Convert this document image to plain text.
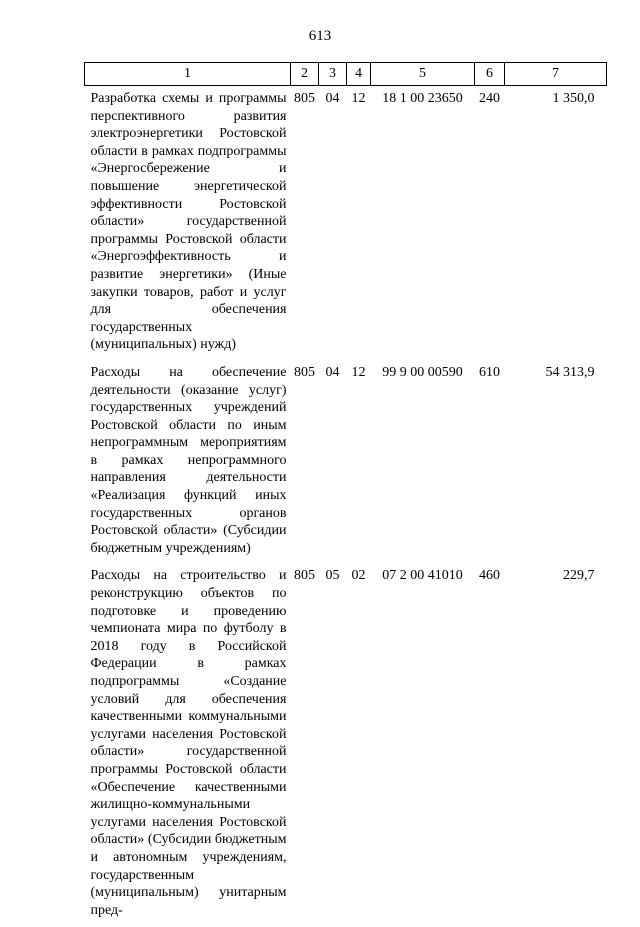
613
1	2	3	4	5	6	7
Разработка схемы и программы перспективного развития электроэнергетики Ростовской области в рамках подпрограммы «Энергосбережение и повышение энергетической эффективности Ростовской области» государственной программы Ростовской области «Энергоэффективность и развитие энергетики» (Иные закупки товаров, работ и услуг для обеспечения государственных (муниципальных) нужд)	805	04	12	18 1 00 23650	240	1 350,0
Расходы на обеспечение деятельности (оказание услуг) государственных учреждений Ростовской области по иным непрограммным мероприятиям в рамках непрограммного направления деятельности «Реализация функций иных государственных органов Ростовской области» (Субсидии бюджетным учреждениям)	805	04	12	99 9 00 00590	610	54 313,9
Расходы на строительство и реконструкцию объектов по подготовке и проведению чемпионата мира по футболу в 2018 году в Российской Федерации в рамках подпрограммы «Создание условий для обеспечения качественными коммунальными услугами населения Ростовской области» государственной программы Ростовской области «Обеспечение качественными жилищно-коммунальными услугами населения Ростовской области» (Субсидии бюджетным и автономным учреждениям, государственным (муниципальным) унитарным пред-	805	05	02	07 2 00 41010	460	229,7
